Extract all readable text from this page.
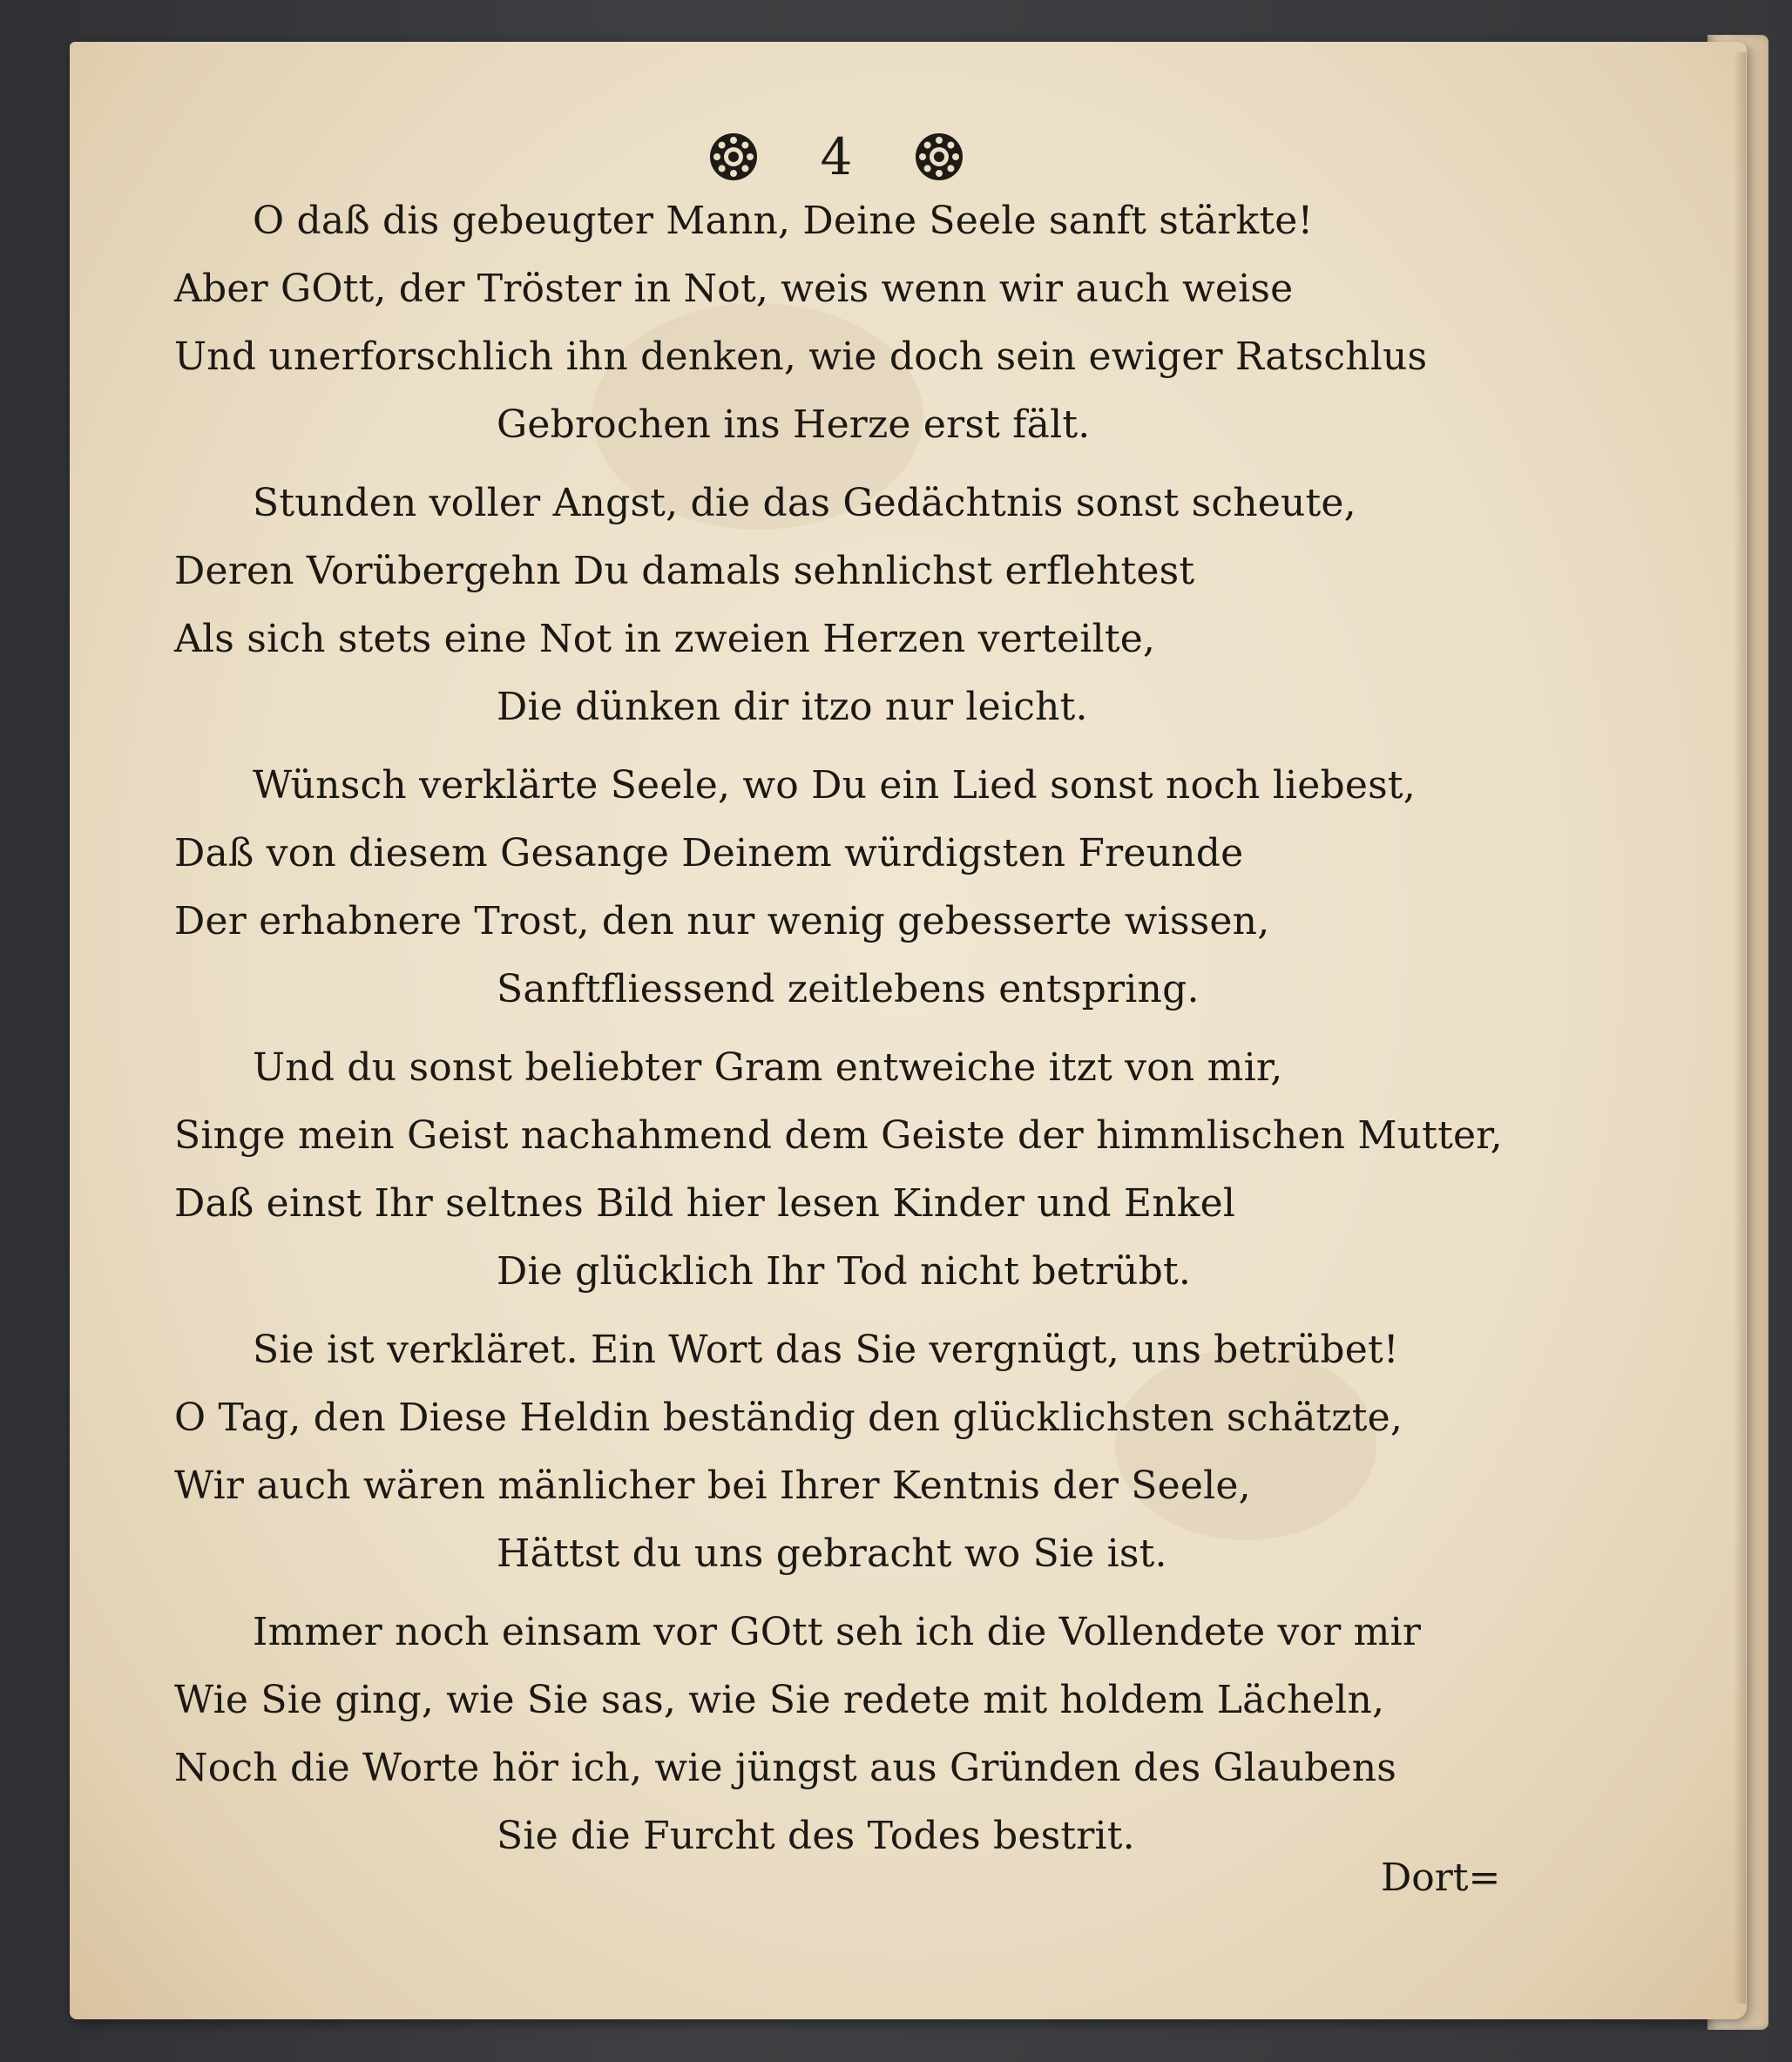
4
O daß dis gebeugter Mann, Deine Seele sanft stärkte!
Aber GOtt, der Tröster in Not, weis wenn wir auch weise
Und unerforschlich ihn denken, wie doch sein ewiger Ratschlus
Gebrochen ins Herze erst fält.
Stunden voller Angst, die das Gedächtnis sonst scheute,
Deren Vorübergehn Du damals sehnlichst erflehtest
Als sich stets eine Not in zweien Herzen verteilte,
Die dünken dir itzo nur leicht.
Wünsch verklärte Seele, wo Du ein Lied sonst noch liebest,
Daß von diesem Gesange Deinem würdigsten Freunde
Der erhabnere Trost, den nur wenig gebesserte wissen,
Sanftfliessend zeitlebens entspring.
Und du sonst beliebter Gram entweiche itzt von mir,
Singe mein Geist nachahmend dem Geiste der himmlischen Mutter,
Daß einst Ihr seltnes Bild hier lesen Kinder und Enkel
Die glücklich Ihr Tod nicht betrübt.
Sie ist verkläret. Ein Wort das Sie vergnügt, uns betrübet!
O Tag, den Diese Heldin beständig den glücklichsten schätzte,
Wir auch wären mänlicher bei Ihrer Kentnis der Seele,
Hättst du uns gebracht wo Sie ist.
Immer noch einsam vor GOtt seh ich die Vollendete vor mir
Wie Sie ging, wie Sie sas, wie Sie redete mit holdem Lächeln,
Noch die Worte hör ich, wie jüngst aus Gründen des Glaubens
Sie die Furcht des Todes bestrit.
Dort=
